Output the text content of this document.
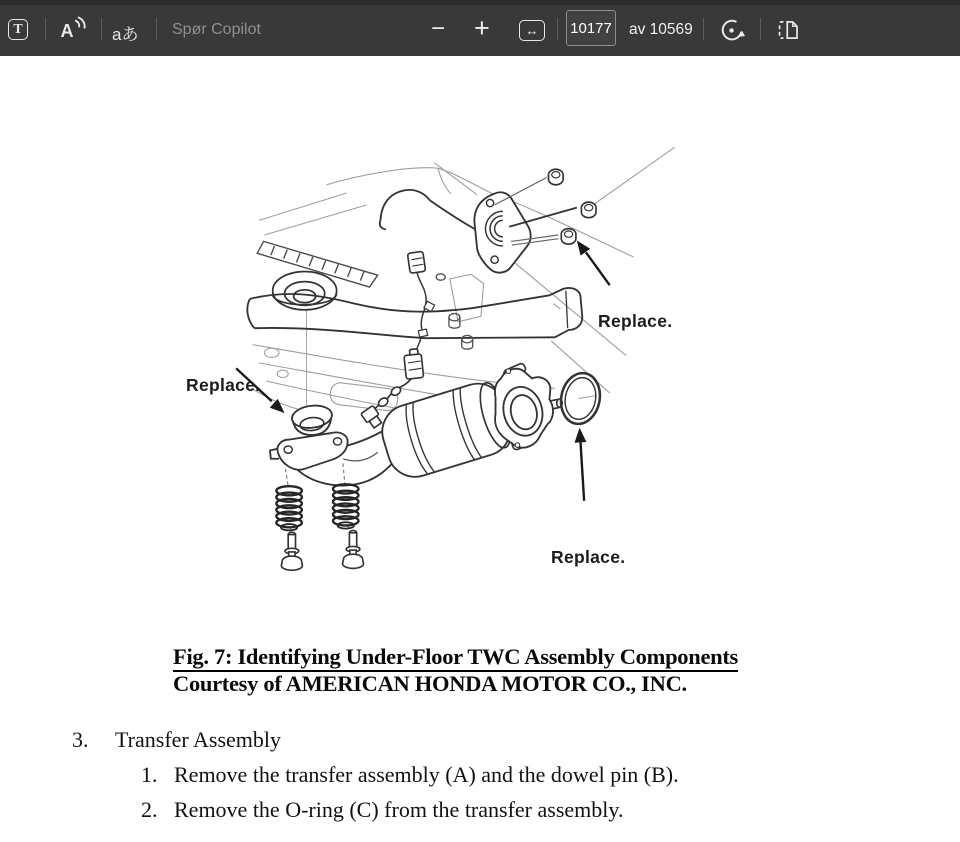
T	A aあ Spør Copilot	− +	↔
10177	av 10569
Replace.
Replace.
Replace.
Fig. 7: Identifying Under-Floor TWC Assembly Components
Courtesy of AMERICAN HONDA MOTOR CO., INC.
3. Transfer Assembly
1. Remove the transfer assembly (A) and the dowel pin (B).
2. Remove the O-ring (C) from the transfer assembly.
